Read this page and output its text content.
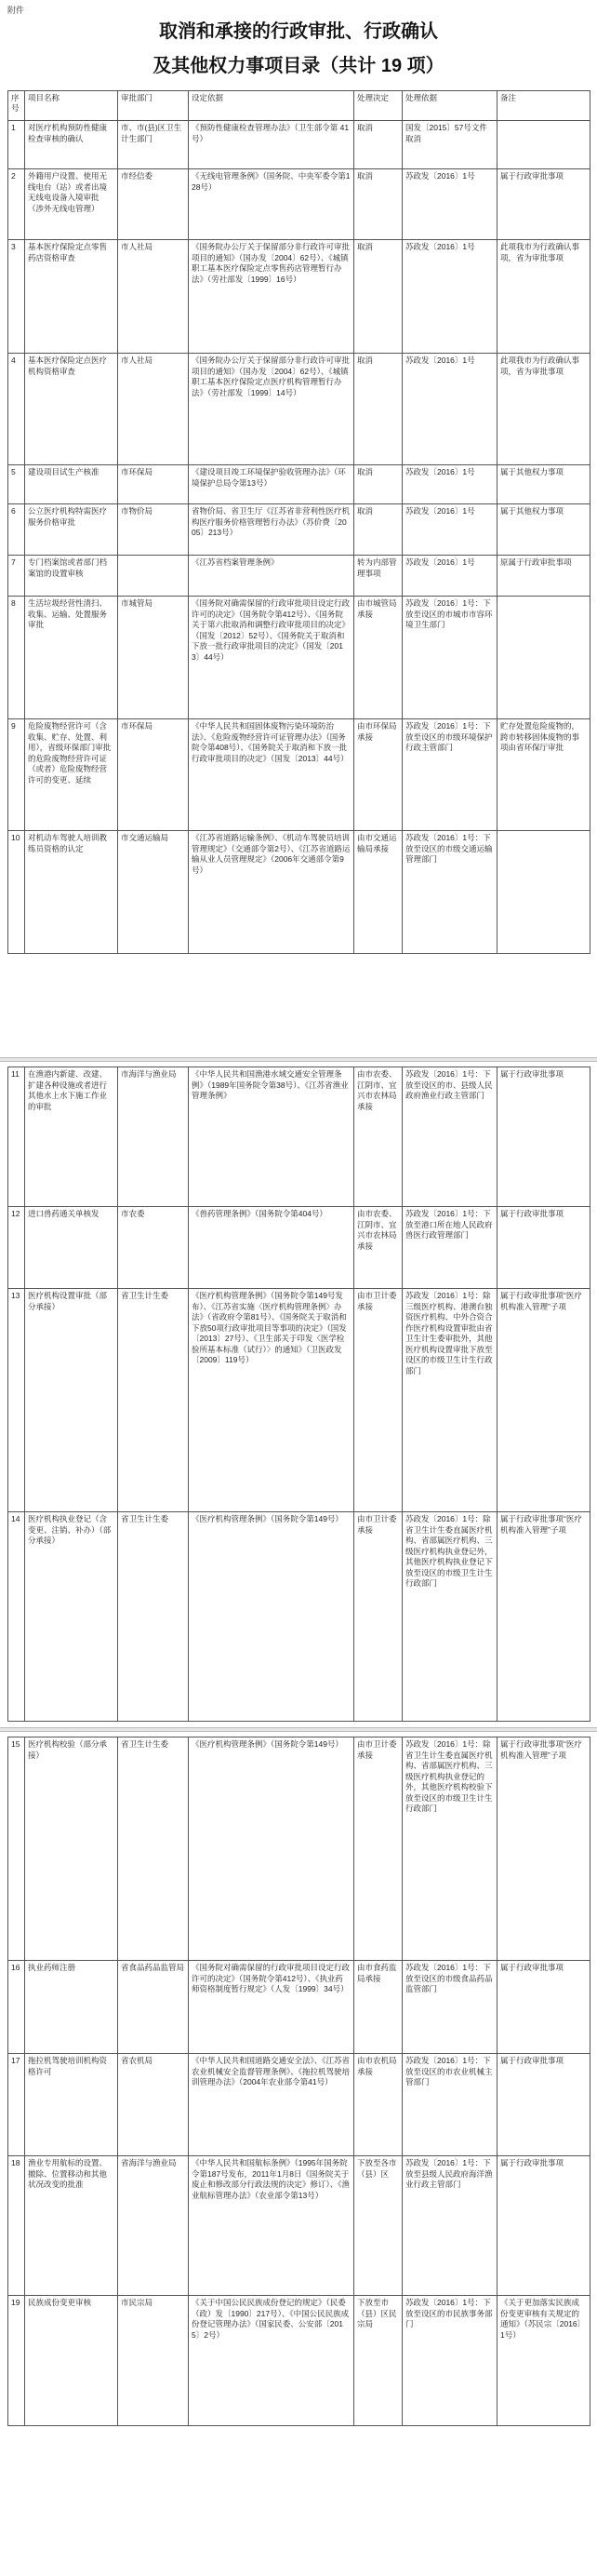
附件
取消和承接的行政审批、行政确认
及其他权力事项目录（共计 19 项）
序号	项目名称	审批部门	设定依据	处理决定	处理依据	备注
1	对医疗机构预防性健康检查审核的确认	市、市(县)区卫生计生部门	《预防性健康检查管理办法》（卫生部令第 41 号）	取消	国发〔2015〕57号文件取消	
2	外籍用户设置、使用无线电台（站）或者出境无线电设备入境审批（涉外无线电管理）	市经信委	《无线电管理条例》（国务院、中央军委令第128号）	取消	苏政发〔2016〕1号	属于行政审批事项
3	基本医疗保险定点零售药店资格审查	市人社局	《国务院办公厅关于保留部分非行政许可审批项目的通知》（国办发〔2004〕62号）、《城镇职工基本医疗保险定点零售药店管理暂行办法》（劳社部发〔1999〕16号）	取消	苏政发〔2016〕1号	此项我市为行政确认事项，省为审批事项
4	基本医疗保险定点医疗机构资格审查	市人社局	《国务院办公厅关于保留部分非行政许可审批项目的通知》（国办发〔2004〕62号）、《城镇职工基本医疗保险定点医疗机构管理暂行办法》（劳社部发〔1999〕14号）	取消	苏政发〔2016〕1号	此项我市为行政确认事项，省为审批事项
5	建设项目试生产核准	市环保局	《建设项目竣工环境保护验收管理办法》（环境保护总局令第13号）	取消	苏政发〔2016〕1号	属于其他权力事项
6	公立医疗机构特需医疗服务价格审批	市物价局	省物价局、省卫生厅《江苏省非营利性医疗机构医疗服务价格管理暂行办法》（苏价费〔2005〕213号）	取消	苏政发〔2016〕1号	属于其他权力事项
7	专门档案馆或者部门档案馆的设置审核		《江苏省档案管理条例》	转为内部管理事项	苏政发〔2016〕1号	原属于行政审批事项
8	生活垃圾经营性清扫、收集、运输、处置服务审批	市城管局	《国务院对确需保留的行政审批项目设定行政许可的决定》（国务院令第412号）、《国务院关于第六批取消和调整行政审批项目的决定》（国发〔2012〕52号）、《国务院关于取消和下放一批行政审批项目的决定》（国发〔2013〕44号）	由市城管局承接	苏政发〔2016〕1号：下放至设区的市城市市容环境卫生部门	
9	危险废物经营许可（含收集、贮存、处置、利用），省级环保部门审批的危险废物经营许可证（或者）危险废物经营许可的变更、延续	市环保局	《中华人民共和国固体废物污染环境防治法》、《危险废物经营许可证管理办法》（国务院令第408号）、《国务院关于取消和下放一批行政审批项目的决定》（国发〔2013〕44号）	由市环保局承接	苏政发〔2016〕1号：下放至设区的市级环境保护行政主管部门	贮存处置危险废物的，跨市转移固体废物的事项由省环保厅审批
10	对机动车驾驶人培训教练员资格的认定	市交通运输局	《江苏省道路运输条例》、《机动车驾驶员培训管理规定》（交通部令第2号）、《江苏省道路运输从业人员管理规定》（2006年交通部令第9号）	由市交通运输局承接	苏政发〔2016〕1号：下放至设区的市级交通运输管理部门	
11	在渔港内新建、改建、扩建各种设施或者进行其他水上水下施工作业的审批	市海洋与渔业局	《中华人民共和国渔港水域交通安全管理条例》（1989年国务院令第38号）、《江苏省渔业管理条例》	由市农委、江阴市、宜兴市农林局承接	苏政发〔2016〕1号：下放至设区的市、县级人民政府渔业行政主管部门	属于行政审批事项
12	进口兽药通关单核发	市农委	《兽药管理条例》（国务院令第404号）	由市农委、江阴市、宜兴市农林局承接	苏政发〔2016〕1号：下放至港口所在地人民政府兽医行政管理部门	属于行政审批事项
13	医疗机构设置审批（部分承接）	省卫生计生委	《医疗机构管理条例》（国务院令第149号发布）、《江苏省实施〈医疗机构管理条例〉办法》（省政府令第81号）、《国务院关于取消和下放50项行政审批项目等事项的决定》（国发〔2013〕27号）、《卫生部关于印发〈医学检验所基本标准（试行）〉的通知》（卫医政发〔2009〕119号）	由市卫计委承接	苏政发〔2016〕1号：除三级医疗机构、港澳台独资医疗机构、中外合资合作医疗机构设置审批由省卫生计生委审批外，其他医疗机构设置审批下放至设区的市级卫生计生行政部门	属于行政审批事项“医疗机构准入管理”子项
14	医疗机构执业登记（含变更、注销、补办）（部分承接）	省卫生计生委	《医疗机构管理条例》（国务院令第149号）	由市卫计委承接	苏政发〔2016〕1号：除省卫生计生委直属医疗机构、省部属医疗机构、三级医疗机构执业登记外，其他医疗机构执业登记下放至设区的市级卫生计生行政部门	属于行政审批事项“医疗机构准入管理”子项
15	医疗机构校验（部分承接）	省卫生计生委	《医疗机构管理条例》（国务院令第149号）	由市卫计委承接	苏政发〔2016〕1号：除省卫生计生委直属医疗机构、省部属医疗机构、三级医疗机构执业登记的外，其他医疗机构校验下放至设区的市级卫生计生行政部门	属于行政审批事项“医疗机构准入管理”子项
16	执业药师注册	省食品药品监管局	《国务院对确需保留的行政审批项目设定行政许可的决定》（国务院令第412号）、《执业药师资格制度暂行规定》（人发〔1999〕34号）	由市食药监局承接	苏政发〔2016〕1号：下放至设区的市级食品药品监管部门	属于行政审批事项
17	拖拉机驾驶培训机构资格许可	省农机局	《中华人民共和国道路交通安全法》、《江苏省农业机械安全监督管理条例》、《拖拉机驾驶培训管理办法》（2004年农业部令第41号）	由市农机局承接	苏政发〔2016〕1号：下放至设区的市农业机械主管部门	属于行政审批事项
18	渔业专用航标的设置、撤除、位置移动和其他状况改变的批准	省海洋与渔业局	《中华人民共和国航标条例》（1995年国务院令第187号发布，2011年1月8日《国务院关于废止和修改部分行政法规的决定》修订）、《渔业航标管理办法》（农业部令第13号）	下放至各市（县）区	苏政发〔2016〕1号：下放至县级人民政府海洋渔业行政主管部门	属于行政审批事项
19	民族成份变更审核	市民宗局	《关于中国公民民族成份登记的规定》（民委（政）发〔1990〕217号）、《中国公民民族成份登记管理办法》（国家民委、公安部〔2015〕2号）	下放至市（县）区民宗局	苏政发〔2016〕1号：下放至设区的市民族事务部门	《关于更加落实民族成份变更审核有关规定的通知》（苏民宗〔2016〕1号）
